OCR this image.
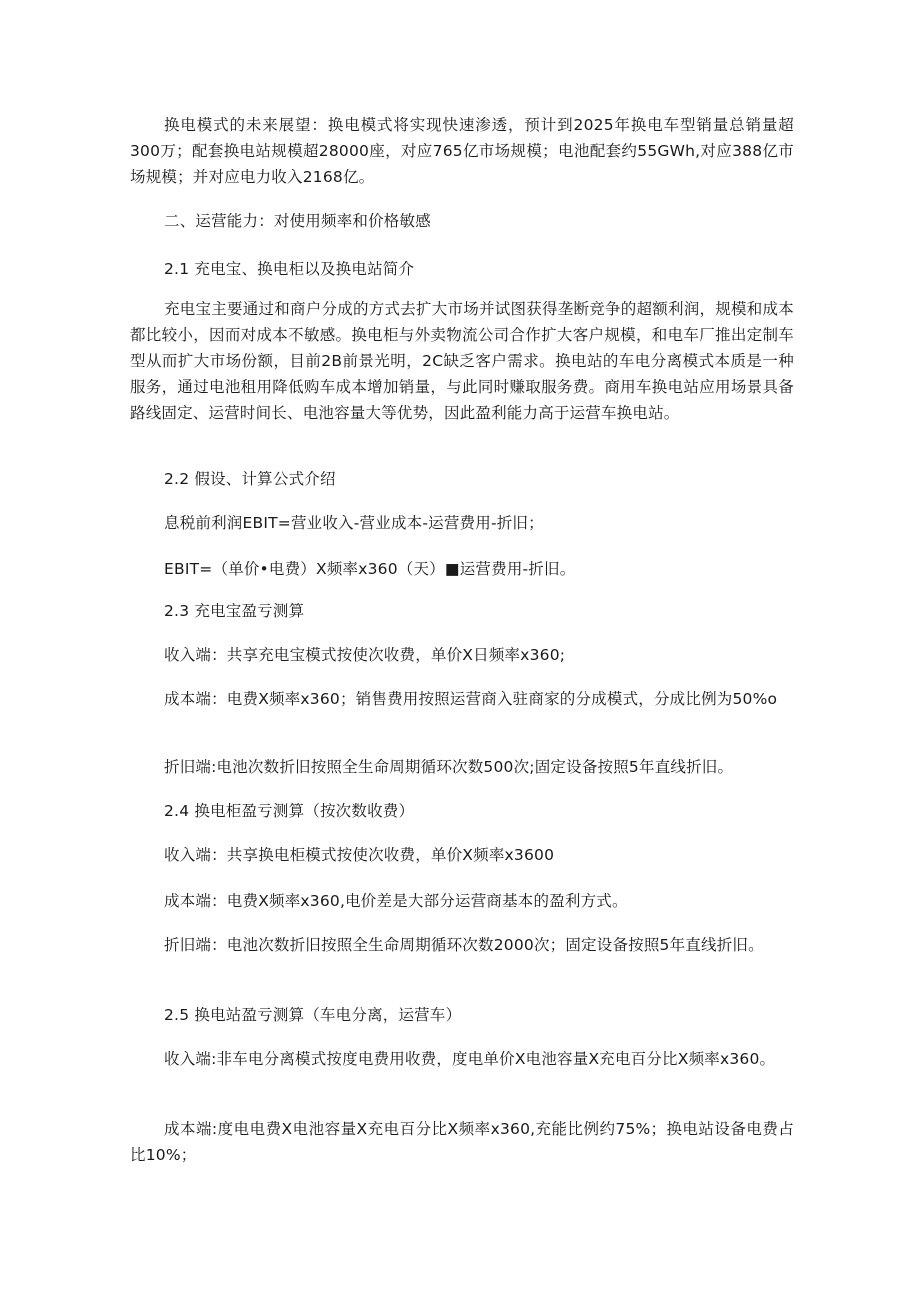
换电模式的未来展望：换电模式将实现快速渗透，预计到2025年换电车型销量总销量超300万；配套换电站规模超28000座，对应765亿市场规模；电池配套约55GWh,对应388亿市场规模；并对应电力收入2168亿。

二、运营能力：对使用频率和价格敏感

2.1 充电宝、换电柜以及换电站简介

充电宝主要通过和商户分成的方式去扩大市场并试图获得垄断竞争的超额利润，规模和成本都比较小，因而对成本不敏感。换电柜与外卖物流公司合作扩大客户规模，和电车厂推出定制车型从而扩大市场份额，目前2B前景光明，2C缺乏客户需求。换电站的车电分离模式本质是一种服务，通过电池租用降低购车成本增加销量，与此同时赚取服务费。商用车换电站应用场景具备路线固定、运营时间长、电池容量大等优势，因此盈利能力高于运营车换电站。

2.2 假设、计算公式介绍

息税前利润EBIT=营业收入-营业成本-运营费用-折旧；

EBIT=（单价•电费）X频率x360（天）■运营费用-折旧。

2.3 充电宝盈亏测算

收入端：共享充电宝模式按使次收费，单价X日频率x360;

成本端：电费X频率x360；销售费用按照运营商入驻商家的分成模式，分成比例为50%o

折旧端:电池次数折旧按照全生命周期循环次数500次;固定设备按照5年直线折旧。

2.4 换电柜盈亏测算（按次数收费）

收入端：共享换电柜模式按使次收费，单价X频率x3600

成本端：电费X频率x360,电价差是大部分运营商基本的盈利方式。

折旧端：电池次数折旧按照全生命周期循环次数2000次；固定设备按照5年直线折旧。

2.5 换电站盈亏测算（车电分离，运营车）

收入端:非车电分离模式按度电费用收费，度电单价X电池容量X充电百分比X频率x360。

成本端:度电电费X电池容量X充电百分比X频率x360,充能比例约75%；换电站设备电费占比10%；
